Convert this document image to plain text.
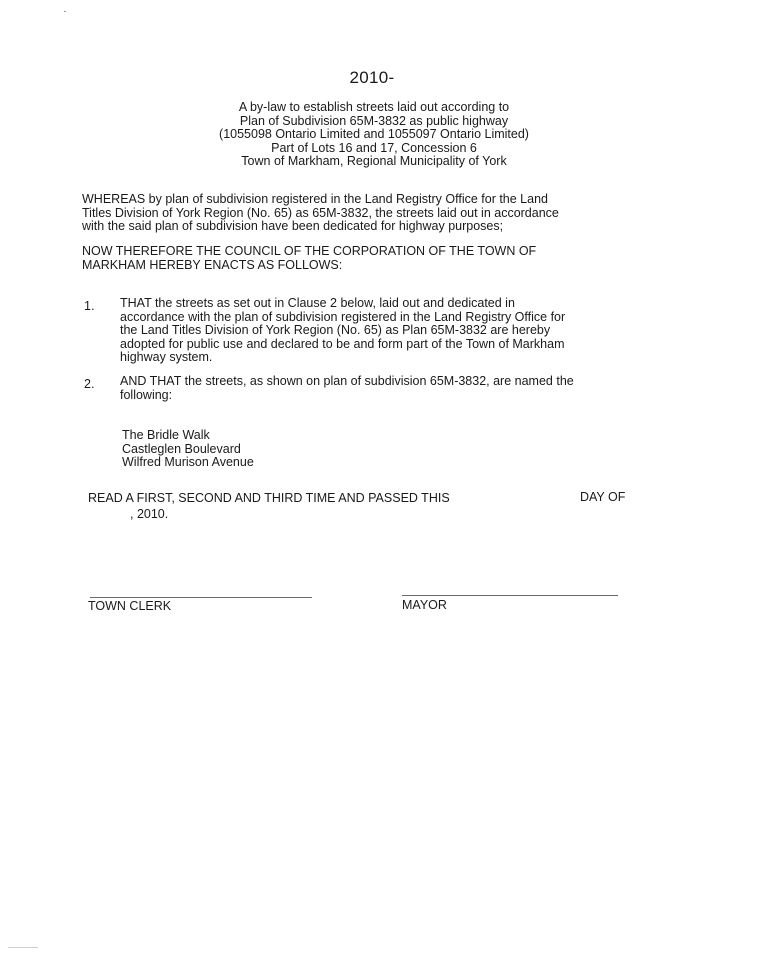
2010-
A by-law to establish streets laid out according to
Plan of Subdivision 65M-3832 as public highway
(1055098 Ontario Limited and 1055097 Ontario Limited)
Part of Lots 16 and 17, Concession 6
Town of Markham, Regional Municipality of York
WHEREAS by plan of subdivision registered in the Land Registry Office for the Land
Titles Division of York Region (No. 65) as 65M-3832, the streets laid out in accordance
with the said plan of subdivision have been dedicated for highway purposes;
NOW THEREFORE THE COUNCIL OF THE CORPORATION OF THE TOWN OF
MARKHAM HEREBY ENACTS AS FOLLOWS:
1. THAT the streets as set out in Clause 2 below, laid out and dedicated in
accordance with the plan of subdivision registered in the Land Registry Office for
the Land Titles Division of York Region (No. 65) as Plan 65M-3832 are hereby
adopted for public use and declared to be and form part of the Town of Markham
highway system.
2. AND THAT the streets, as shown on plan of subdivision 65M-3832, are named the
following:
The Bridle Walk
Castleglen Boulevard
Wilfred Murison Avenue
READ A FIRST, SECOND AND THIRD TIME AND PASSED THIS	DAY OF
, 2010.
TOWN CLERK	MAYOR
